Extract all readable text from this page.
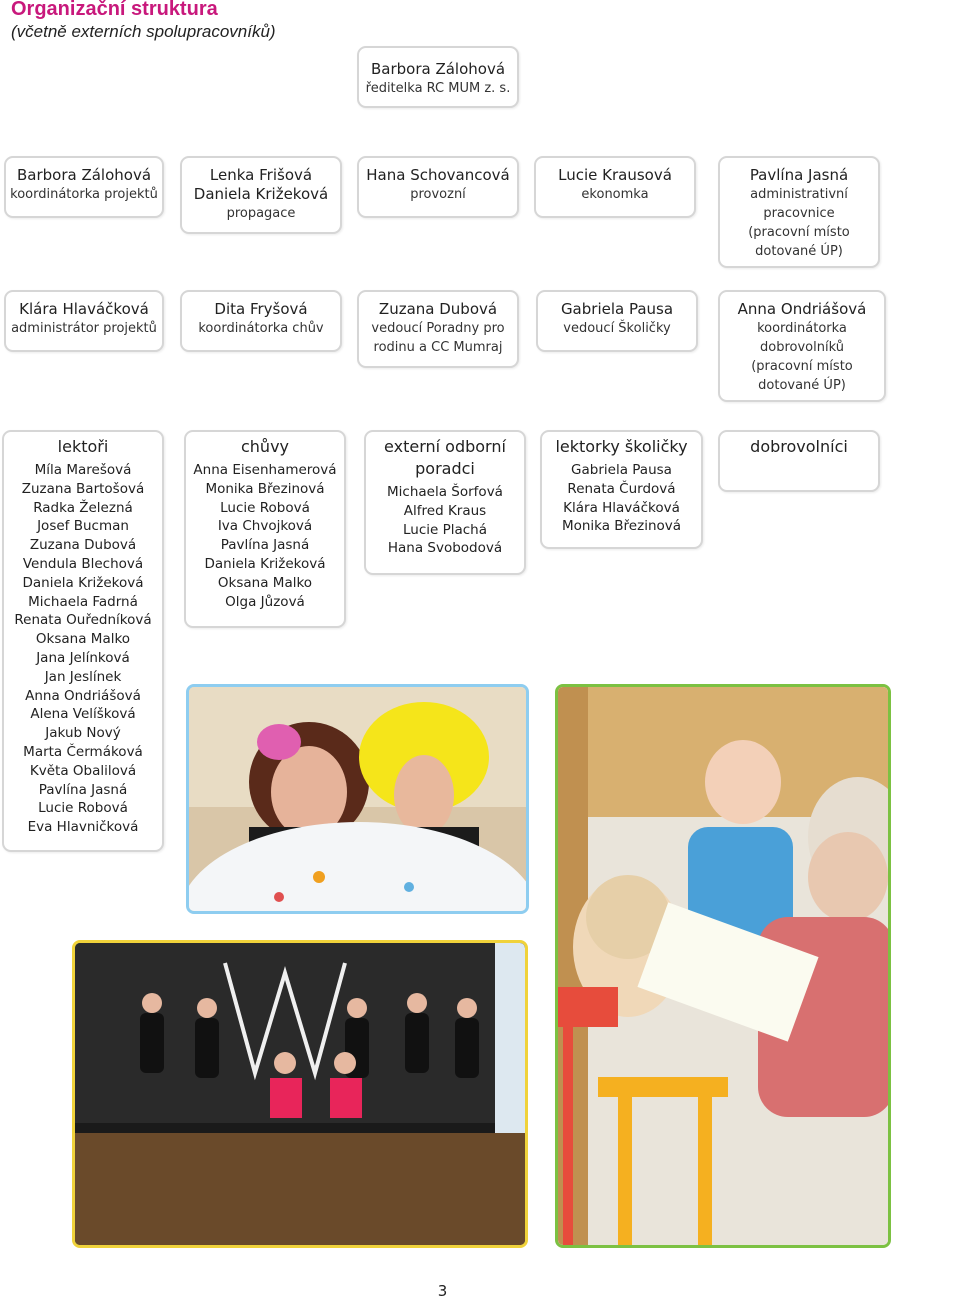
Organizační struktura
(včetně externích spolupracovníků)
Barbora Zálohová
ředitelka RC MUM z. s.
Barbora Zálohová
koordinátorka projektů
Lenka Frišová
Daniela Križeková
propagace
Hana Schovancová
provozní
Lucie Krausová
ekonomka
Pavlína Jasná
administrativní
pracovnice
(pracovní místo
dotované ÚP)
Klára Hlaváčková
administrátor projektů
Dita Fryšová
koordinátorka chův
Zuzana Dubová
vedoucí Poradny pro
rodinu a CC Mumraj
Gabriela Pausa
vedoucí Školičky
Anna Ondriášová
koordinátorka
dobrovolníků
(pracovní místo
dotované ÚP)
lektoři
Míla Marešová
Zuzana Bartošová
Radka Železná
Josef Bucman
Zuzana Dubová
Vendula Blechová
Daniela Križeková
Michaela Fadrná
Renata Ouředníková
Oksana Malko
Jana Jelínková
Jan Jeslínek
Anna Ondriášová
Alena Velíšková
Jakub Nový
Marta Čermáková
Květa Obalilová
Pavlína Jasná
Lucie Robová
Eva Hlavničková
chůvy
Anna Eisenhamerová
Monika Březinová
Lucie Robová
Iva Chvojková
Pavlína Jasná
Daniela Križeková
Oksana Malko
Olga Jůzová
externí odborní
poradci
Michaela Šorfová
Alfred Kraus
Lucie Plachá
Hana Svobodová
lektorky školičky
Gabriela Pausa
Renata Čurdová
Klára Hlaváčková
Monika Březinová
dobrovolníci
3
